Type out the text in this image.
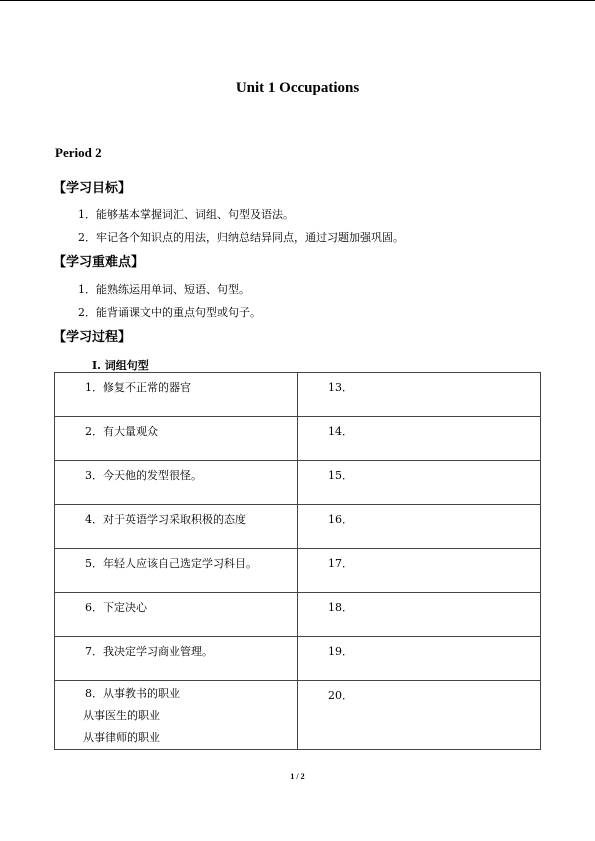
Unit 1 Occupations
Period 2
【学习目标】
1．能够基本掌握词汇、词组、句型及语法。
2．牢记各个知识点的用法，归纳总结异同点，通过习题加强巩固。
【学习重难点】
1．能熟练运用单词、短语、句型。
2．能背诵课文中的重点句型或句子。
【学习过程】
I. 词组句型
1．修复不正常的器官	13．
2．有大量观众	14．
3．今天他的发型很怪。	15．
4．对于英语学习采取积极的态度	16．
5．年轻人应该自己选定学习科目。	17．
6．下定决心	18．
7．我决定学习商业管理。	19．

8．从事教书的职业
从事医生的职业
从事律师的职业	20．
1 / 2
